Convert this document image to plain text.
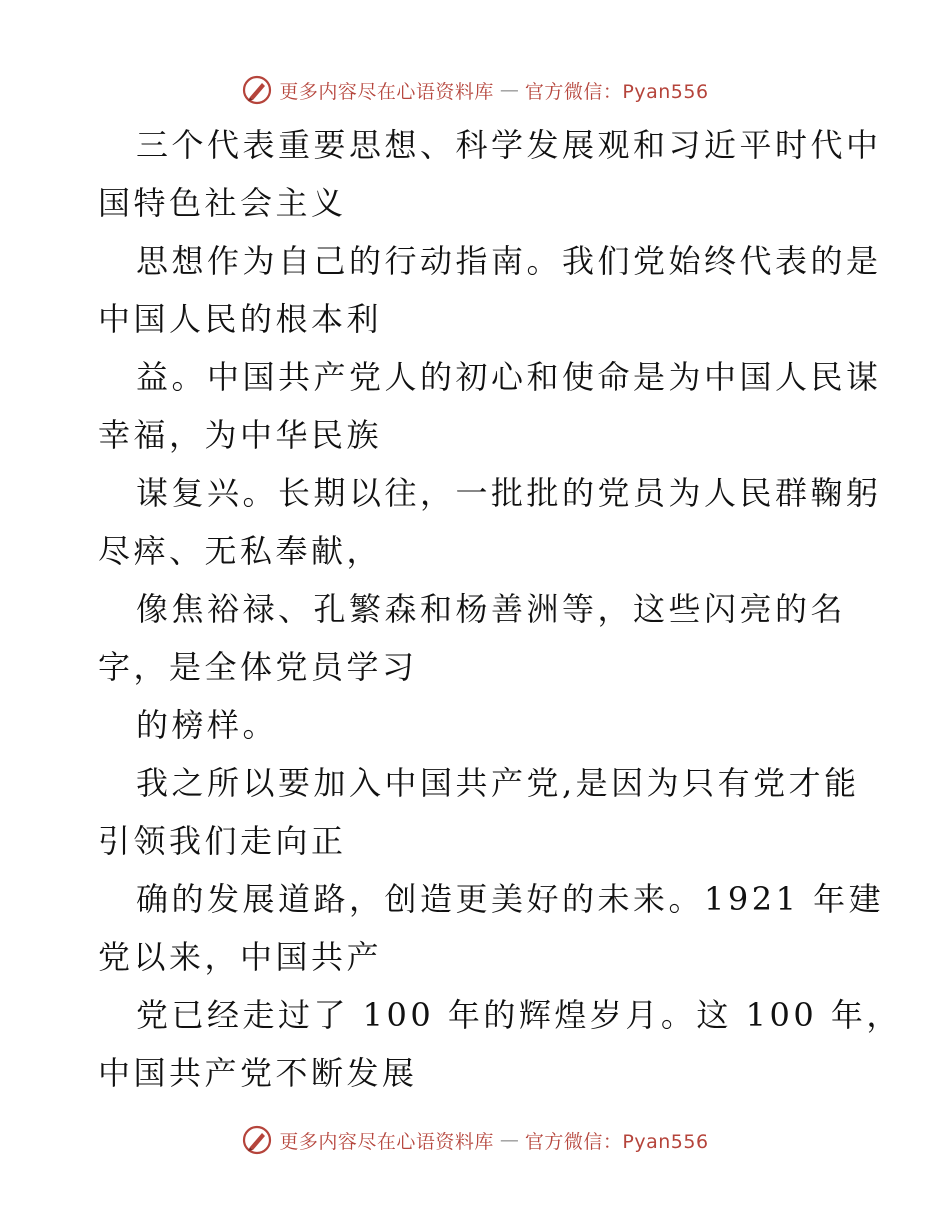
更多内容尽在心语资料库 — 官方微信：Pyan556
三个代表重要思想、科学发展观和习近平时代中
国特色社会主义
思想作为自己的行动指南。我们党始终代表的是
中国人民的根本利
益。中国共产党人的初心和使命是为中国人民谋
幸福，为中华民族
谋复兴。长期以往，一批批的党员为人民群鞠躬
尽瘁、无私奉献，
像焦裕禄、孔繁森和杨善洲等，这些闪亮的名
字，是全体党员学习
的榜样。
我之所以要加入中国共产党,是因为只有党才能
引领我们走向正
确的发展道路，创造更美好的未来。1921 年建
党以来，中国共产
党已经走过了 100 年的辉煌岁月。这 100 年，
中国共产党不断发展
更多内容尽在心语资料库 — 官方微信：Pyan556
